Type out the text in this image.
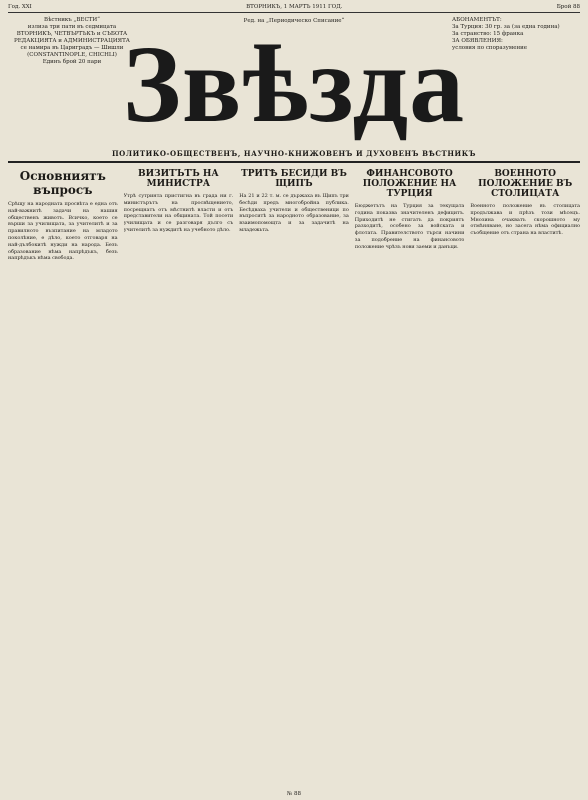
Год. XXI	ВТОРНИКЪ, 1 МАРТЪ 1911 ГОД.	Брой 88
Вѣстникъ „ВЕСТИ“
излиза три пати въ седмицата
ВТОРНИКЪ, ЧЕТВЪРТЪКЪ и СЪБОТА
РЕДАКЦИЯТА и АДМИНИСТРАЦИЯТА
се намира въ Цариградъ — Шишли
(CONSTANTINOPLE, CHICHLI)
Единъ брой 20 пари
Ред. на „Периодическо Списание“
Звѣзда
АБОНАМЕНТЪТ:
За Турция: 30 гр. за (за една година)
За странство: 15 франка
ЗА ОБЯВЛЕНИЯ:
условия по споразумение
ПОЛИТИКО-ОБЩЕСТВЕНЪ, НАУЧНО-КНИЖОВЕНЪ И ДУХОВЕНЪ ВѢСТНИКЪ
Основниятъ въпросъ
Срѣщу на народната просвѣта е една отъ най-важнитѣ задачи на нашия общественъ животъ. Всичко, което се върши за училищата, за учителитѣ и за правилното възпитание на младото поколѣние, е дѣло, което отговаря на най-дълбокитѣ нужди на народа. Безъ образование нѣма напрѣдъкъ, безъ напрѣдъкъ нѣма свобода.
ВИЗИТЪТЪ НА МИНИСТРА
Утрѣ сутринта пристигна въ града ни г. министърътъ на просвѣщението, посрещнатъ отъ мѣстнитѣ власти и отъ представители на общината. Той посети училищата и се разговаря дълго съ учителитѣ за нуждитѣ на учебното дѣло.
ТРИТѢ БЕСИДИ ВЪ ЩИПЪ
На 21 и 22 т. м. се държаха въ Щипъ три бесѣди предъ многобройна публика. Бесѣдваха учители и общественици по въпроситѣ за народното образование, за взаимопомощта и за задачитѣ на младежьта.
ФИНАНСОВОТО ПОЛОЖЕНИЕ НА ТУРЦИЯ
Бюджетътъ на Турция за текущата година показва значителенъ дефицитъ. Приходитѣ не стигатъ да покриятъ разходитѣ, особено за войската и флотата. Правителството търси начини за подобрение на финансовото положение чрѣзъ нови заеми и данъци.
ВОЕННОТО ПОЛОЖЕНИЕ ВЪ СТОЛИЦАТА
Военното положение въ столицата продължава и прѣзъ този мѣсецъ. Мнозина очакватъ скорошното му отмѣняване, но засега нѣма официално съобщение отъ страна на властитѣ.
№ 88
